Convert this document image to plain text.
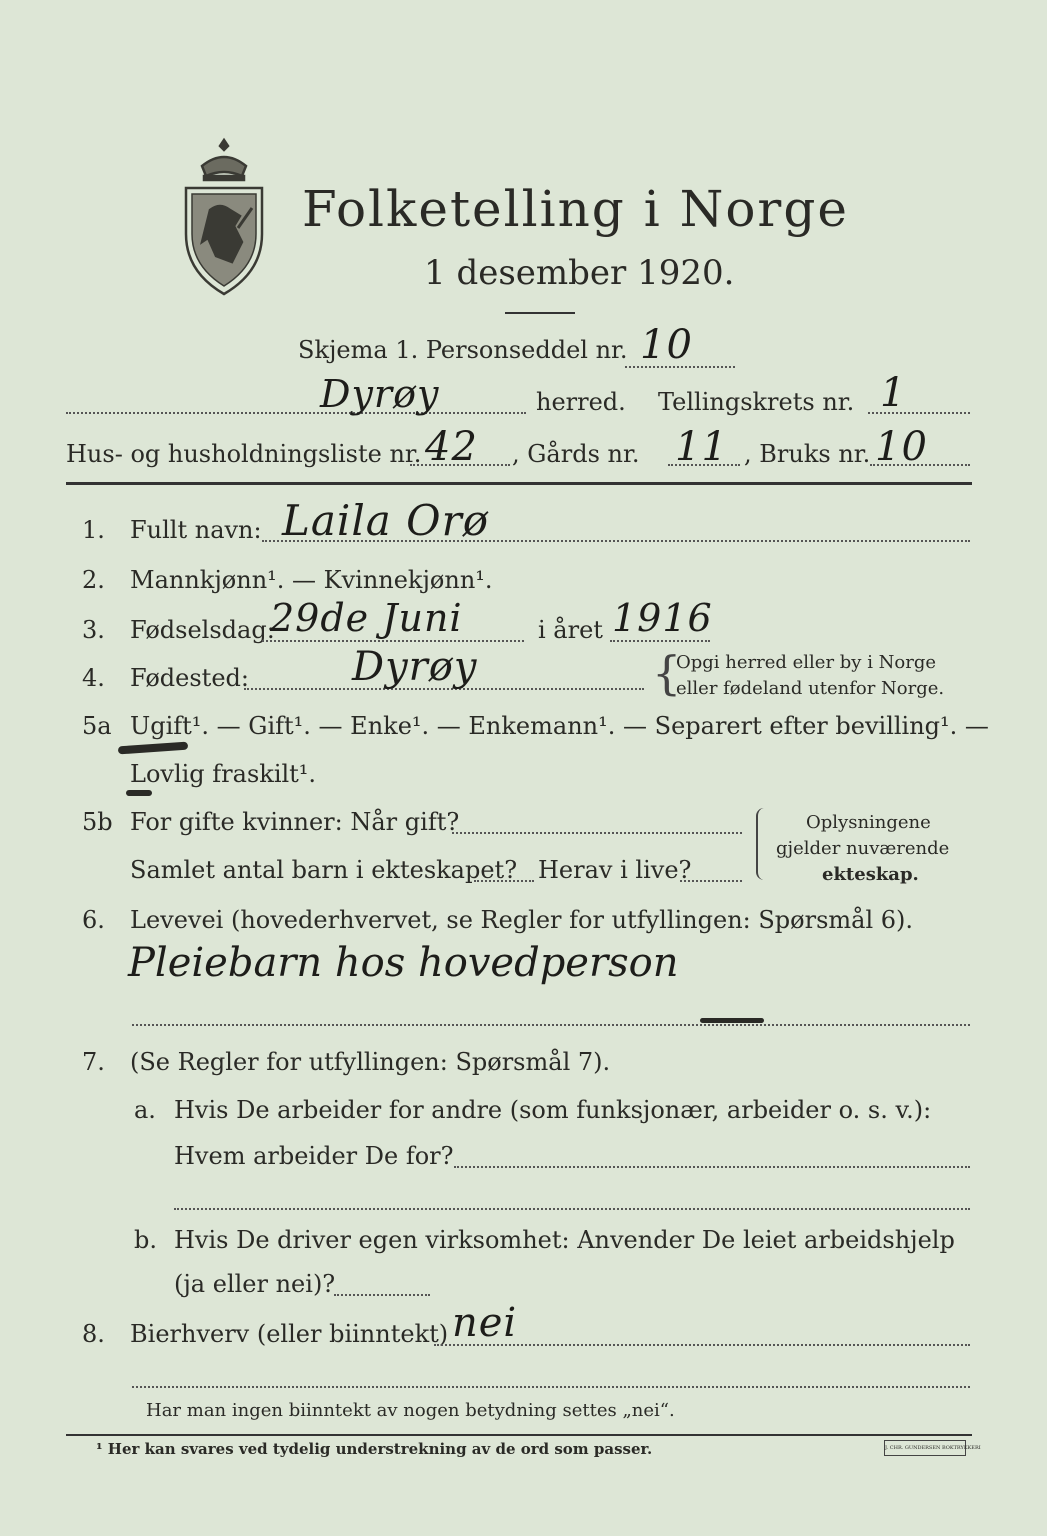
Folketelling i Norge
1 desember 1920.
Skjema 1. Personseddel nr. 10
Dyrøy	herred. Tellingskrets nr. 1
Hus- og husholdningsliste nr. 42 , Gårds nr. 11 , Bruks nr. 10
1. Fullt navn: Laila Orø
2. Mannkjønn¹. — Kvinnekjønn¹.
3. Fødselsdag:
29de Juni	i året 1916
4. Fødested:	Dyrøy	{
Opgi herred eller by i Norge
eller fødeland utenfor Norge.
5a Ugift¹. — Gift¹. — Enke¹. — Enkemann¹. — Separert efter bevilling¹. —
Lovlig fraskilt¹.
5b For gifte kvinner: Når gift?
Samlet antal barn i ekteskapet? Herav i live?
Oplysningene
gjelder nuværende
ekteskap.
6. Levevei (hovederhvervet, se Regler for utfyllingen: Spørsmål 6).
Pleiebarn hos hovedperson
7. (Se Regler for utfyllingen: Spørsmål 7).
a. Hvis De arbeider for andre (som funksjonær, arbeider o. s. v.):
Hvem arbeider De for?
b. Hvis De driver egen virksomhet: Anvender De leiet arbeidshjelp
(ja eller nei)?
8. Bierhverv (eller biinntekt) nei
Har man ingen biinntekt av nogen betydning settes „nei“.
¹ Her kan svares ved tydelig understrekning av de ord som passer.	J. CHR. GUNDERSEN BOKTRYKKERI
